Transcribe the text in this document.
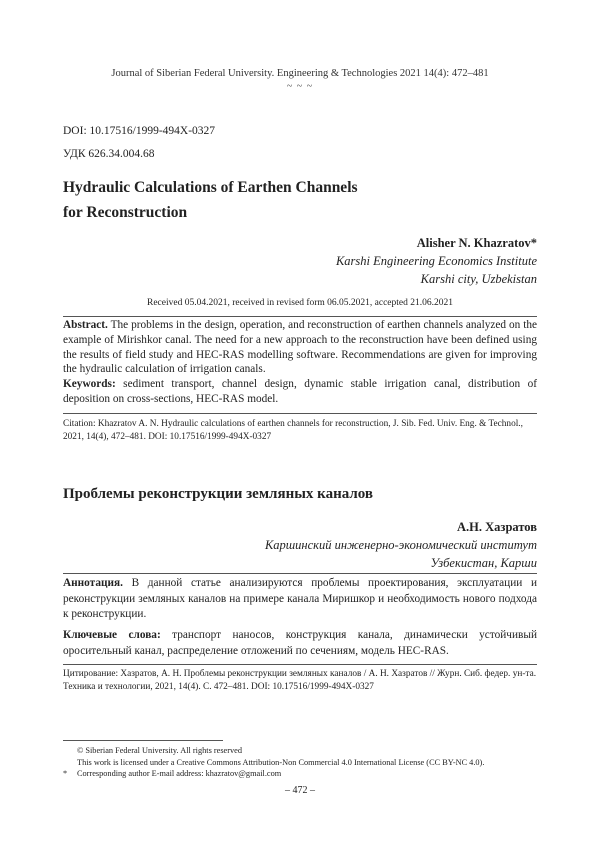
Journal of Siberian Federal University. Engineering & Technologies 2021 14(4): 472–481
~ ~ ~
DOI: 10.17516/1999-494X-0327
УДК 626.34.004.68
Hydraulic Calculations of Earthen Channels
for Reconstruction
Alisher N. Khazratov*
Karshi Engineering Economics Institute
Karshi city, Uzbekistan
Received 05.04.2021, received in revised form 06.05.2021, accepted 21.06.2021
Abstract. The problems in the design, operation, and reconstruction of earthen channels analyzed on the example of Mirishkor canal. The need for a new approach to the reconstruction have been defined using the results of field study and HEC-RAS modelling software. Recommendations are given for improving the hydraulic calculation of irrigation canals.
Keywords: sediment transport, channel design, dynamic stable irrigation canal, distribution of deposition on cross-sections, HEC-RAS model.
Citation: Khazratov A. N. Hydraulic calculations of earthen channels for reconstruction, J. Sib. Fed. Univ. Eng. & Technol., 2021, 14(4), 472–481. DOI: 10.17516/1999-494X-0327
Проблемы реконструкции земляных каналов
А.Н. Хазратов
Каршинский инженерно-экономический институт
Узбекистан, Карши
Аннотация. В данной статье анализируются проблемы проектирования, эксплуатации и реконструкции земляных каналов на примере канала Миришкор и необходимость нового подхода к реконструкции.
Ключевые слова: транспорт наносов, конструкция канала, динамически устойчивый оросительный канал, распределение отложений по сечениям, модель HEC-RAS.
Цитирование: Хазратов, А. Н. Проблемы реконструкции земляных каналов / А. Н. Хазратов // Журн. Сиб. федер. ун-та. Техника и технологии, 2021, 14(4). С. 472–481. DOI: 10.17516/1999-494X-0327
© Siberian Federal University. All rights reserved
This work is licensed under a Creative Commons Attribution-Non Commercial 4.0 International License (CC BY-NC 4.0).
*	Corresponding author E-mail address: khazratov@gmail.com
– 472 –
